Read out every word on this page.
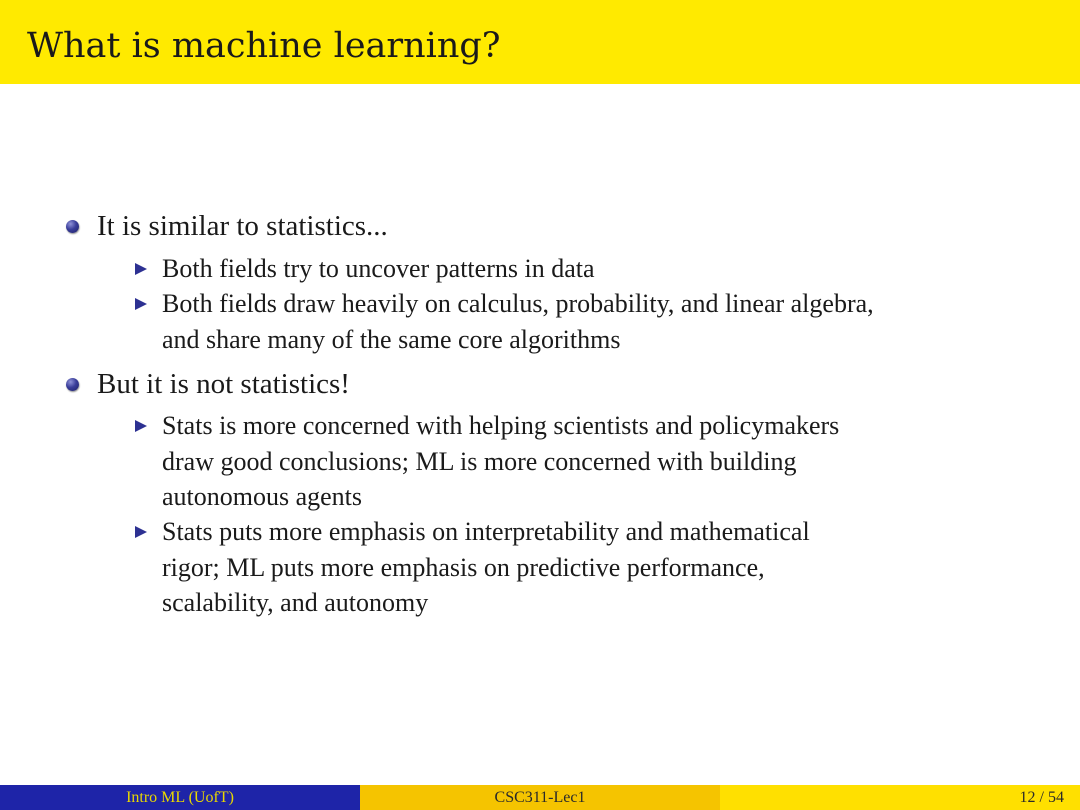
What is machine learning?
It is similar to statistics...
Both fields try to uncover patterns in data
Both fields draw heavily on calculus, probability, and linear algebra,
and share many of the same core algorithms
But it is not statistics!
Stats is more concerned with helping scientists and policymakers
draw good conclusions; ML is more concerned with building
autonomous agents
Stats puts more emphasis on interpretability and mathematical
rigor; ML puts more emphasis on predictive performance,
scalability, and autonomy
Intro ML (UofT)	CSC311-Lec1	12 / 54
